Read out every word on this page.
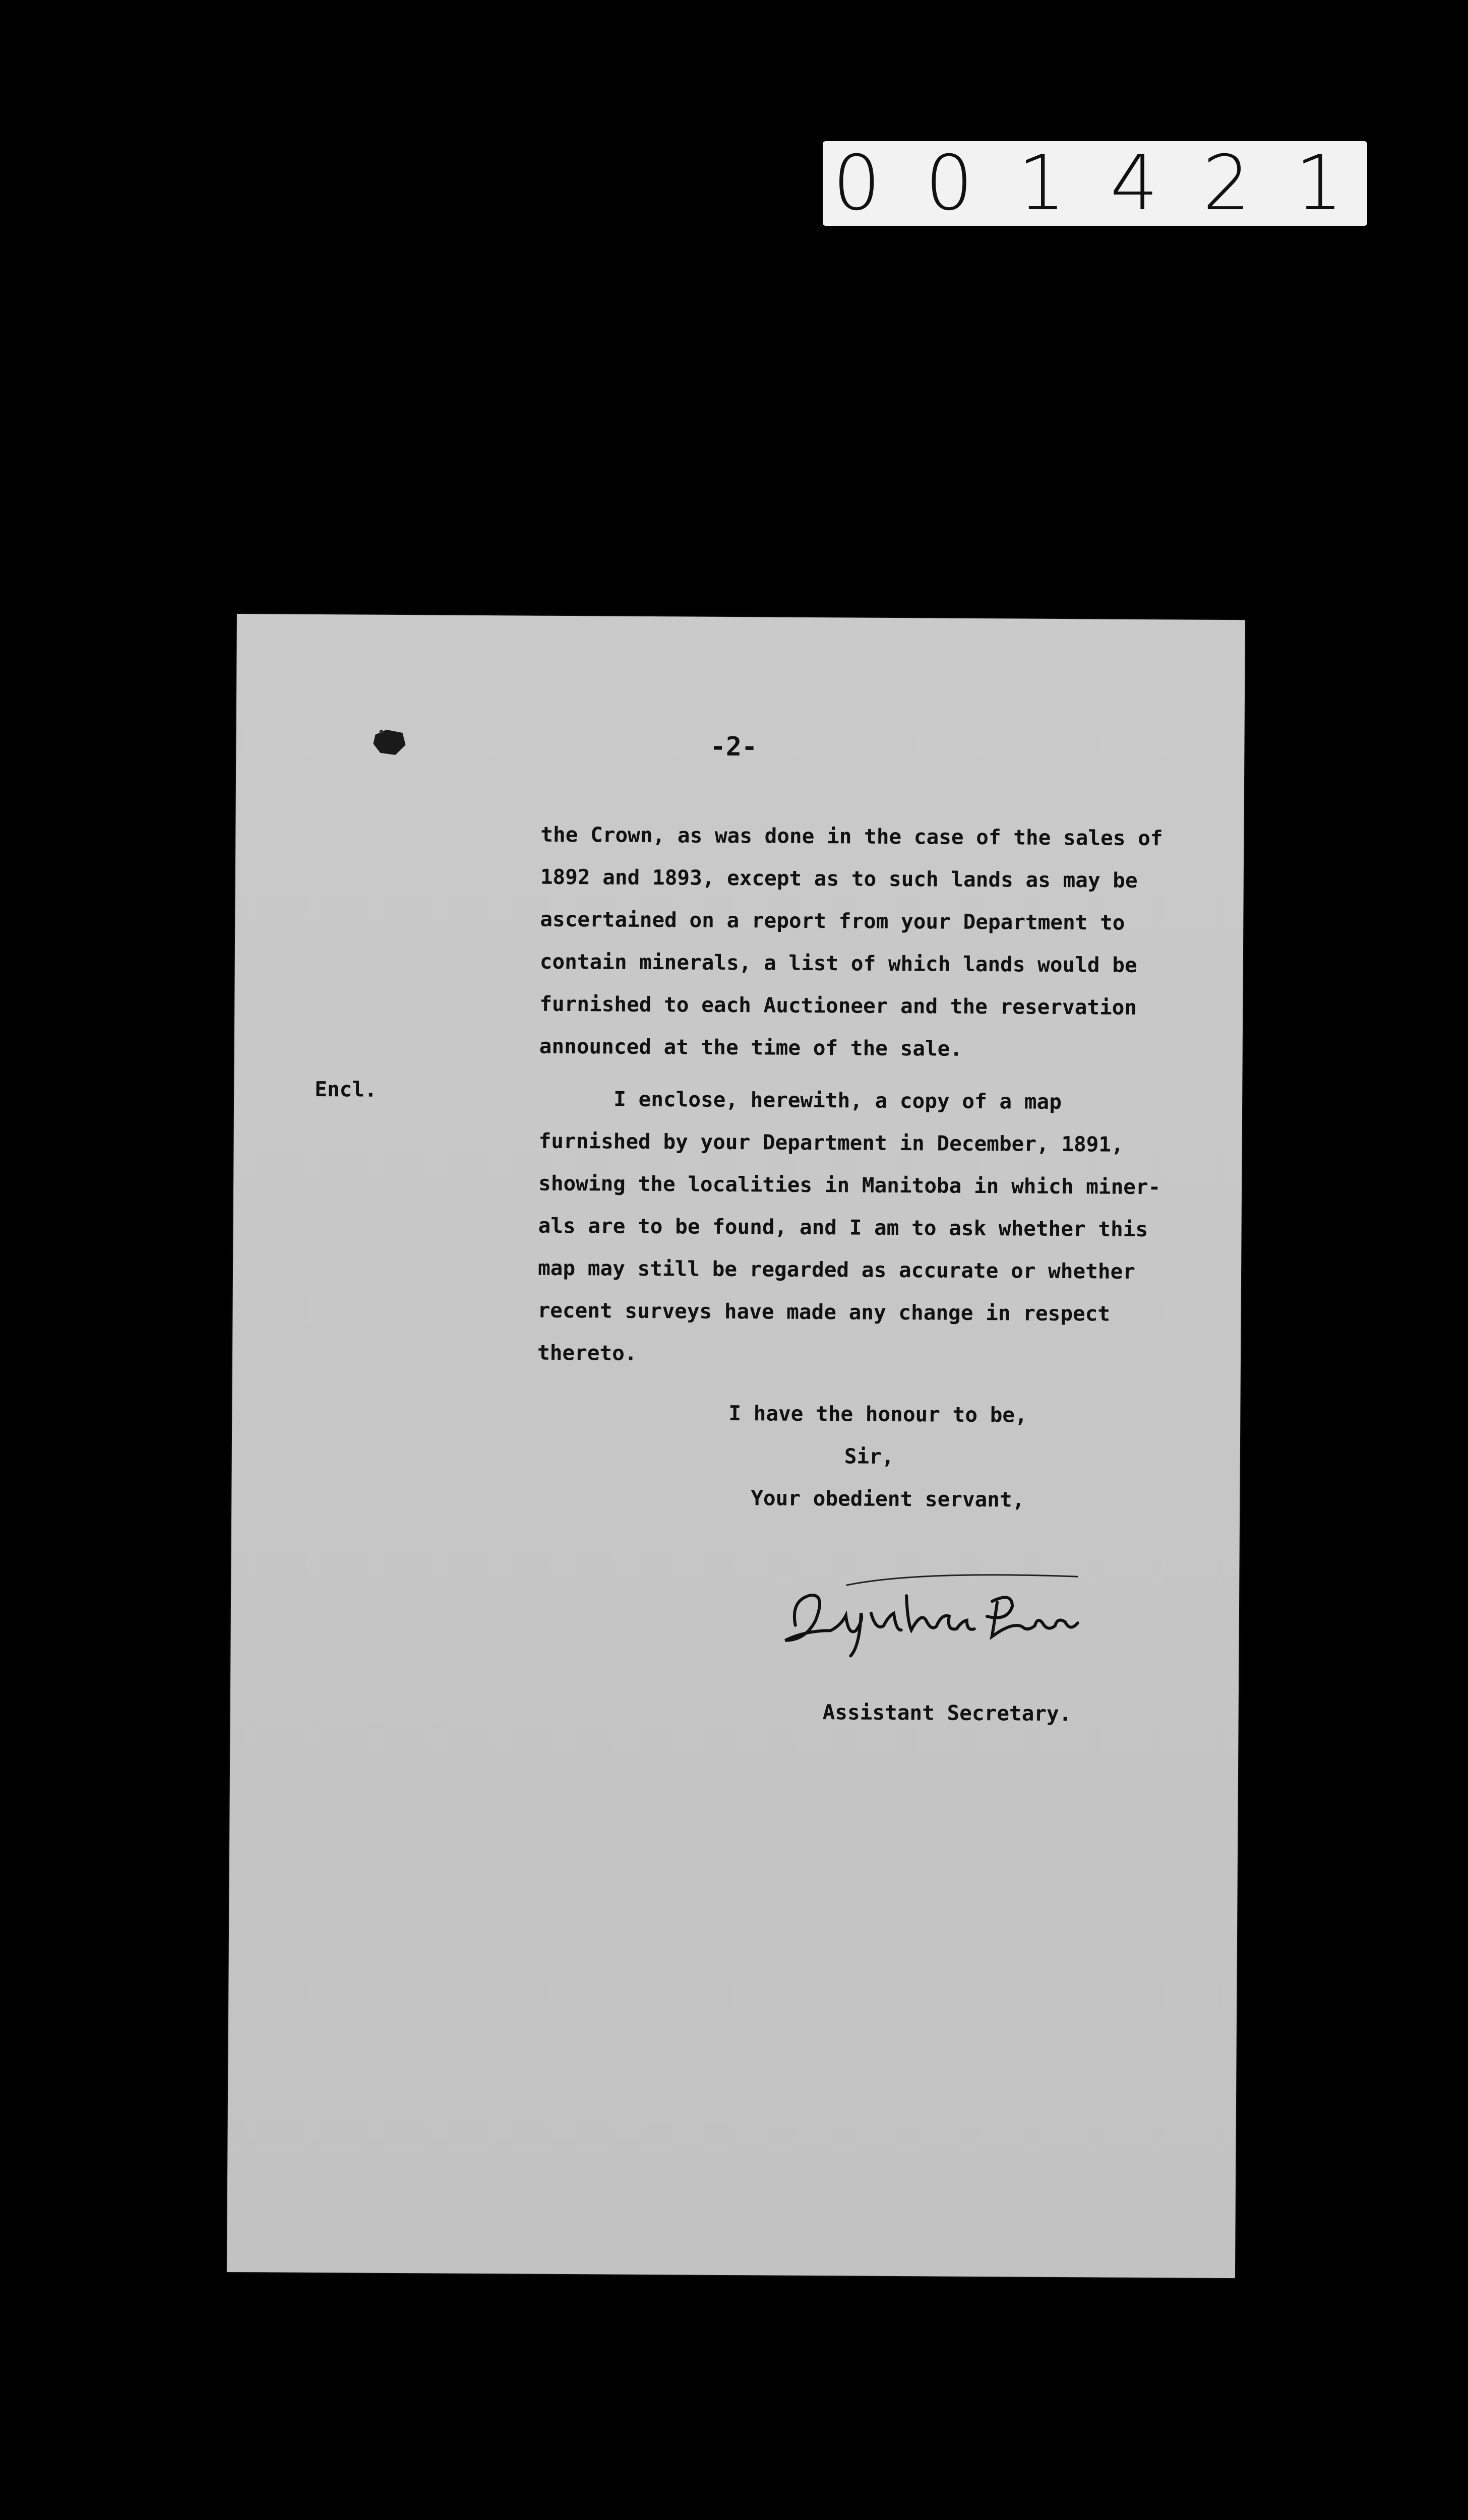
001421
-2-

the Crown, as was done in the case of the sales of
1892 and 1893, except as to such lands as may be
ascertained on a report from your Department to
contain minerals, a list of which lands would be
furnished to each Auctioneer and the reservation
announced at the time of the sale.

Encl.	I enclose, herewith, a copy of a map
furnished by your Department in December, 1891,
showing the localities in Manitoba in which miner-
als are to be found, and I am to ask whether this
map may still be regarded as accurate or whether
recent surveys have made any change in respect
thereto.

I have the honour to be,
Sir,
Your obedient servant,
Assistant Secretary.
